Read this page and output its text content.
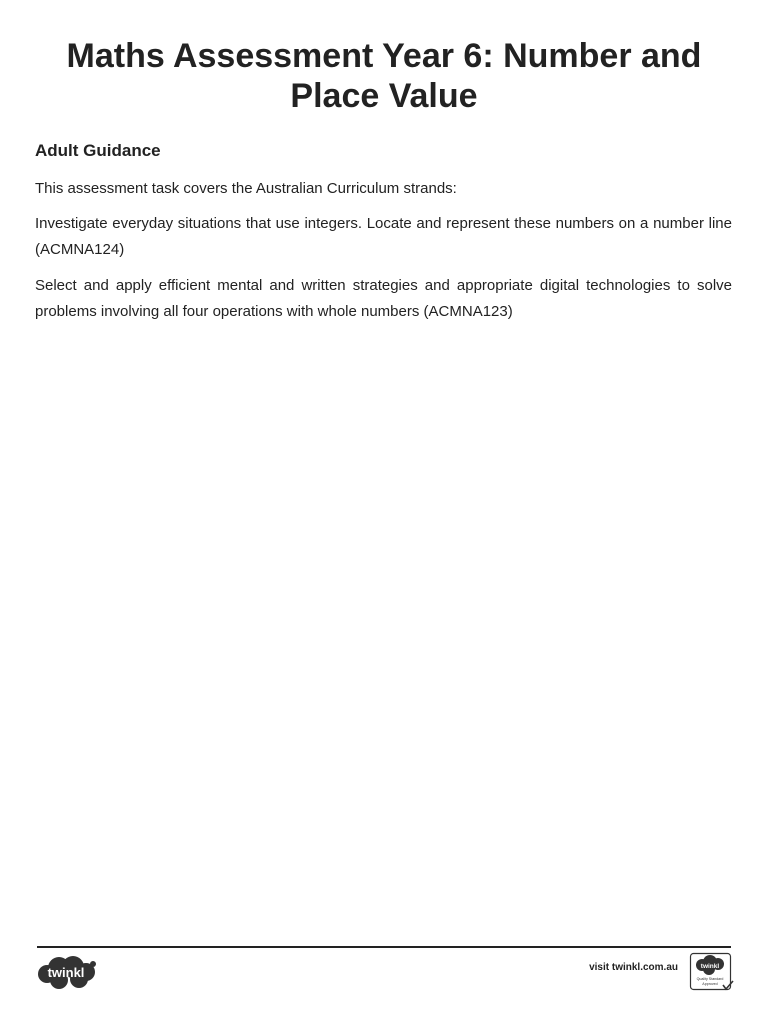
Maths Assessment Year 6: Number and
Place Value
Adult Guidance

This assessment task covers the Australian Curriculum strands:

Investigate everyday situations that use integers. Locate and represent these numbers on a number line (ACMNA124)

Select and apply efficient mental and written strategies and appropriate digital technologies to solve problems involving all four operations with whole numbers (ACMNA123)

twinkl	visit twinkl.com.au	twinkl
Quality Standard
Approved
